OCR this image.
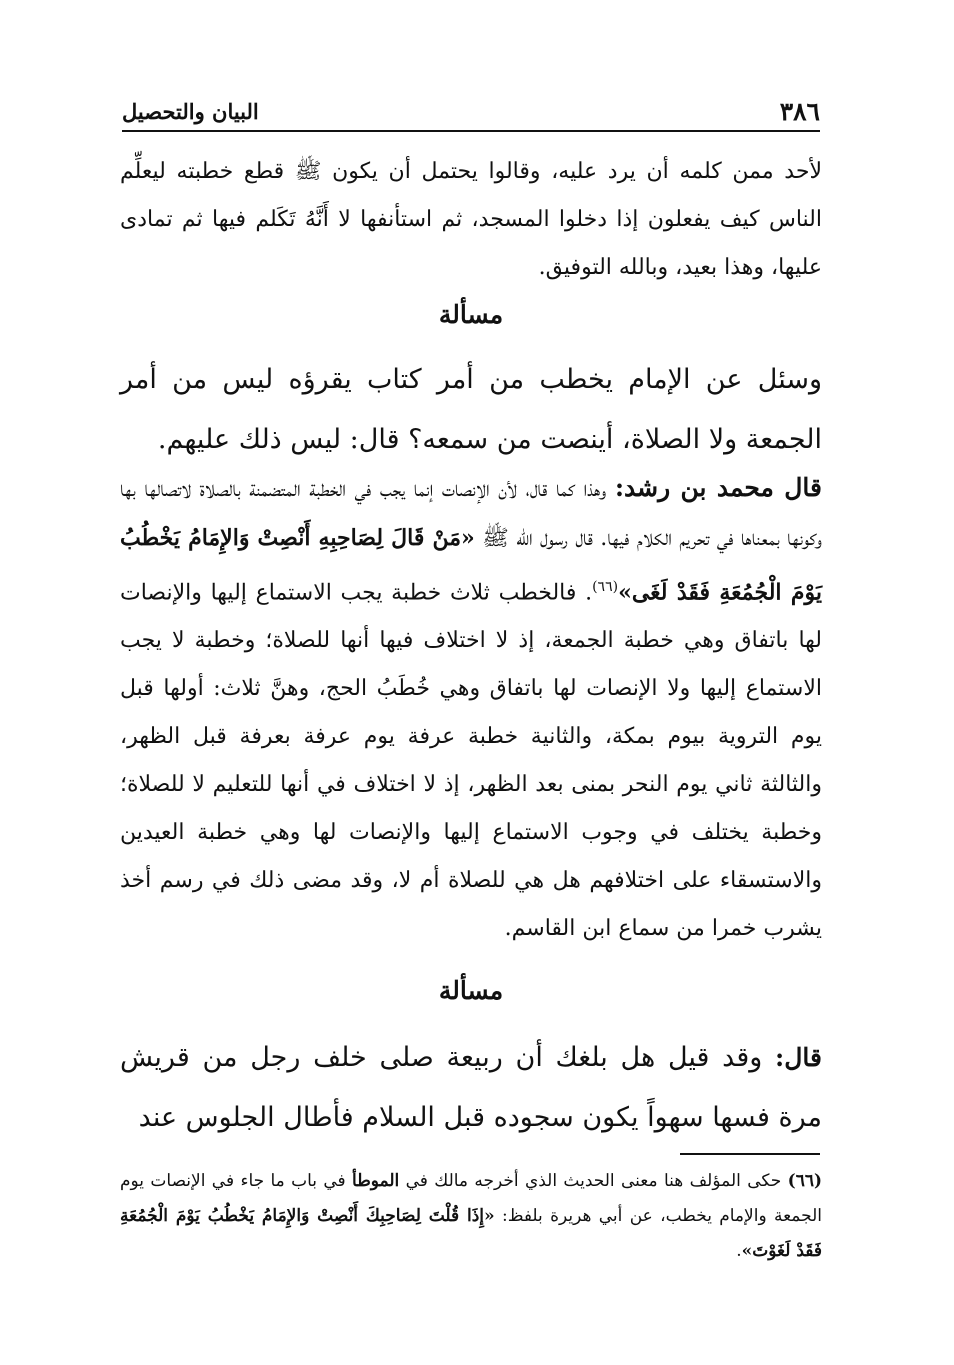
٣٨٦
البيان والتحصيل

لأحد ممن كلمه أن يرد عليه، وقالوا يحتمل أن يكون ﷺ قطع خطبته ليعلِّم الناس كيف يفعلون إذا دخلوا المسجد، ثم استأنفها لا أَنَّهُ تَكَلم فيها ثم تمادى عليها، وهذا بعيد، وبالله التوفيق.

مسألة

وسئل عن الإمام يخطب من أمر كتاب يقرؤه ليس من أمر الجمعة ولا الصلاة، أينصت من سمعه؟ قال: ليس ذلك عليهم.

قال محمد بن رشد: وهذا كما قال، لأن الإنصات إنما يجب في الخطبة المتضمنة بالصلاة لاتصالها بها وكونها بمعناها في تحريم الكلام فيها. قال رسول الله ﷺ «مَنْ قَالَ لِصَاحِبِهِ أَنْصِتْ وَالإِمَامُ يَخْطُبُ يَوْمَ الْجُمُعَةِ فَقَدْ لَغَى»$^{(٦٦)}$. فالخطب ثلاث خطبة يجب الاستماع إليها والإنصات لها باتفاق وهي خطبة الجمعة، إذ لا اختلاف فيها أنها للصلاة؛ وخطبة لا يجب الاستماع إليها ولا الإنصات لها باتفاق وهي خُطَبُ الحج، وهنَّ ثلاث: أولها قبل يوم التروية بيوم بمكة، والثانية خطبة عرفة يوم عرفة بعرفة قبل الظهر، والثالثة ثاني يوم النحر بمنى بعد الظهر، إذ لا اختلاف في أنها للتعليم لا للصلاة؛ وخطبة يختلف في وجوب الاستماع إليها والإنصات لها وهي خطبة العيدين والاستسقاء على اختلافهم هل هي للصلاة أم لا، وقد مضى ذلك في رسم أخذ يشرب خمرا من سماع ابن القاسم.

مسألة

قال: وقد قيل هل بلغك أن ربيعة صلى خلف رجل من قريش مرة فسها سهواً يكون سجوده قبل السلام فأطال الجلوس عند

(٦٦) حكى المؤلف هنا معنى الحديث الذي أخرجه مالك في الموطأ في باب ما جاء في الإنصات يوم الجمعة والإمام يخطب، عن أبي هريرة بلفظ: «إِذَا قُلْتَ لِصَاحِبِكَ أَنْصِتْ وَالإِمَامُ يَخْطُبُ يَوْمَ الْجُمُعَةِ فَقَدْ لَغَوْتَ».
